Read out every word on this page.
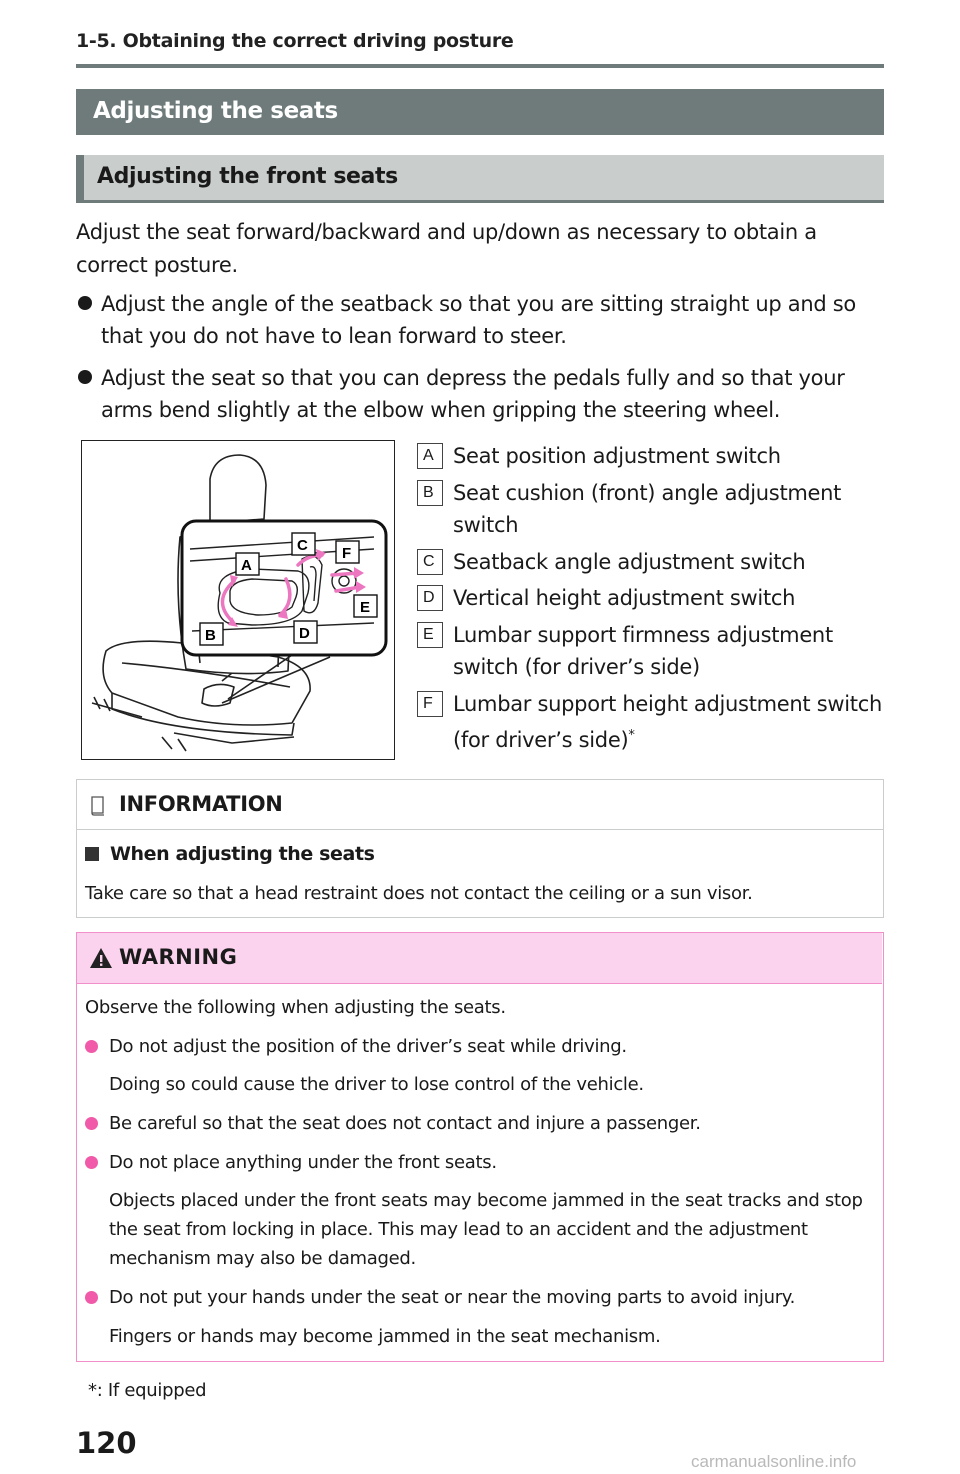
1-5. Obtaining the correct driving posture
Adjusting the seats
Adjusting the front seats

Adjust the seat forward/backward and up/down as necessary to obtain a correct posture.

Adjust the angle of the seatback so that you are sitting straight up and so that you do not have to lean forward to steer.
Adjust the seat so that you can depress the pedals fully and so that your arms bend slightly at the elbow when gripping the steering wheel.
A
C F
E
B	D
A Seat position adjustment switch
B Seat cushion (front) angle adjustment switch
C Seatback angle adjustment switch
D Vertical height adjustment switch
E Lumbar support firmness adjustment switch (for driver’s side)
F Lumbar support height adjustment switch (for driver’s side)*
INFORMATION
When adjusting the seats
Take care so that a head restraint does not contact the ceiling or a sun visor.
WARNING
Observe the following when adjusting the seats.
Do not adjust the position of the driver’s seat while driving.
Doing so could cause the driver to lose control of the vehicle.
Be careful so that the seat does not contact and injure a passenger.
Do not place anything under the front seats.
Objects placed under the front seats may become jammed in the seat tracks and stop the seat from locking in place. This may lead to an accident and the adjustment mechanism may also be damaged.
Do not put your hands under the seat or near the moving parts to avoid injury.
Fingers or hands may become jammed in the seat mechanism.
*: If equipped
120
carmanualsonline.info
